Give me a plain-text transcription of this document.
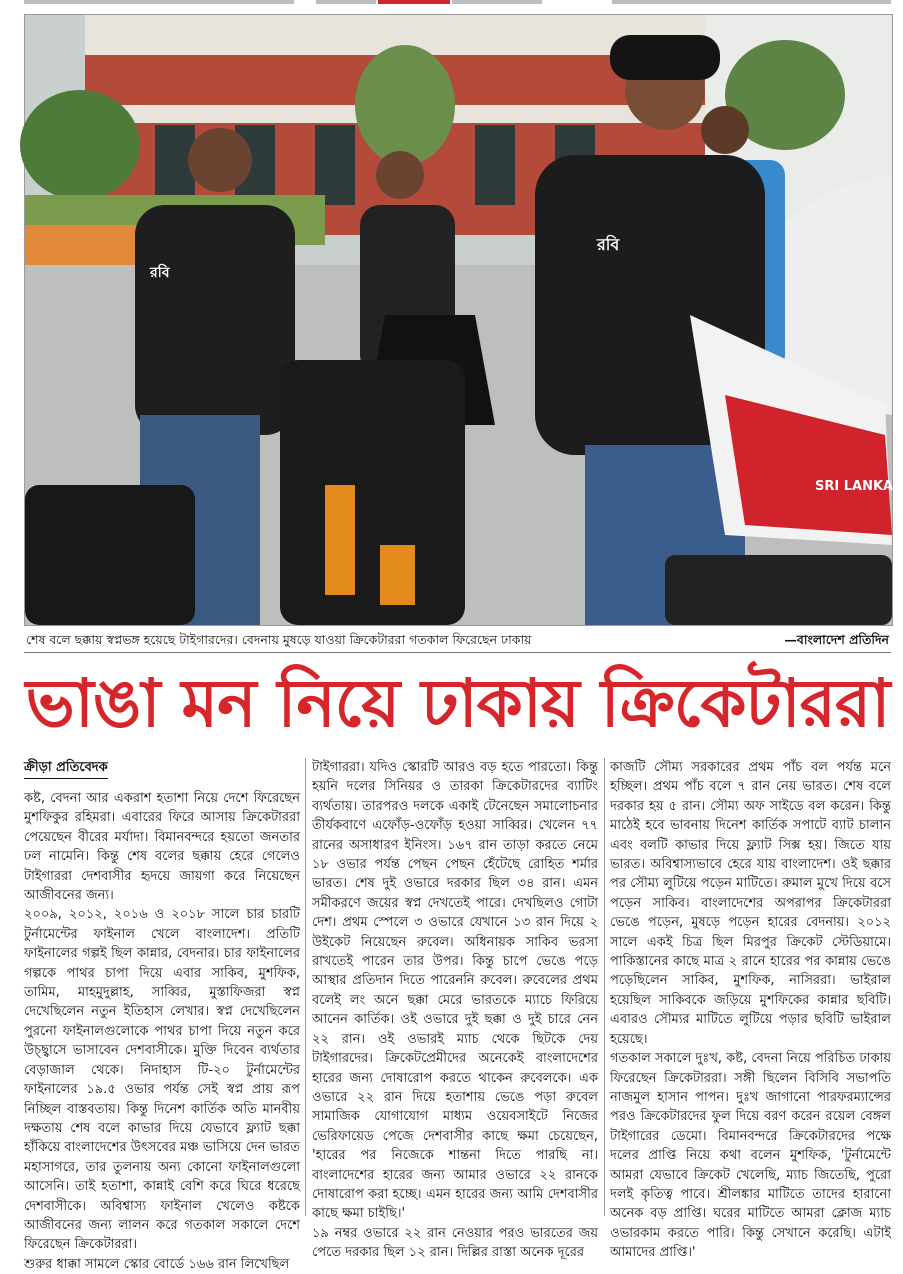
SRI LANKA
রবি
রবি
শেষ বলে ছক্কায় স্বপ্নভঙ্গ হয়েছে টাইগারদের। বেদনায় মুষড়ে যাওয়া ক্রিকেটাররা গতকাল ফিরেছেন ঢাকায়	—বাংলাদেশ প্রতিদিন
ভাঙা মন নিয়ে ঢাকায় ক্রিকেটাররা
ক্রীড়া প্রতিবেদক

কষ্ট, বেদনা আর একরাশ হতাশা নিয়ে দেশে ফিরেছেন মুশফিকুর রহিমরা। এবারের ফিরে আসায় ক্রিকেটাররা পেয়েছেন বীরের মর্যাদা। বিমানবন্দরে হয়তো জনতার ঢল নামেনি। কিন্তু শেষ বলের ছক্কায় হেরে গেলেও টাইগাররা দেশবাসীর হৃদয়ে জায়গা করে নিয়েছেন আজীবনের জন্য।

২০০৯, ২০১২, ২০১৬ ও ২০১৮ সালে চার চারটি টুর্নামেন্টের ফাইনাল খেলে বাংলাদেশ। প্রতিটি ফাইনালের গল্পই ছিল কান্নার, বেদনার। চার ফাইনালের গল্পকে পাথর চাপা দিয়ে এবার সাকিব, মুশফিক, তামিম, মাহমুদুল্লাহ, সাব্বির, মুস্তাফিজরা স্বপ্ন দেখেছিলেন নতুন ইতিহাস লেখার। স্বপ্ন দেখেছিলেন পুরনো ফাইনালগুলোকে পাথর চাপা দিয়ে নতুন করে উচ্ছ্বাসে ভাসাবেন দেশবাসীকে। মুক্তি দিবেন ব্যর্থতার বেড়াজাল থেকে। নিদাহাস টি-২০ টুর্নামেন্টের ফাইনালের ১৯.৫ ওভার পর্যন্ত সেই স্বপ্ন প্রায় রূপ নিচ্ছিল বাস্তবতায়। কিন্তু দিনেশ কার্তিক অতি মানবীয় দক্ষতায় শেষ বলে কাভার দিয়ে যেভাবে ফ্ল্যাট ছক্কা হাঁকিয়ে বাংলাদেশের উৎসবের মঞ্চ ভাসিয়ে দেন ভারত মহাসাগরে, তার তুলনায় অন্য কোনো ফাইনালগুলো আসেনি। তাই হতাশা, কান্নাই বেশি করে ঘিরে ধরেছে দেশবাসীকে। অবিশ্বাস্য ফাইনাল খেলেও কষ্টকে আজীবনের জন্য লালন করে গতকাল সকালে দেশে ফিরেছেন ক্রিকেটাররা।

শুরুর ধাক্কা সামলে স্কোর বোর্ডে ১৬৬ রান লিখেছিল

টাইগাররা। যদিও স্কোরটি আরও বড় হতে পারতো। কিন্তু হয়নি দলের সিনিয়র ও তারকা ক্রিকেটারদের ব্যাটিং ব্যর্থতায়। তারপরও দলকে একাই টেনেছেন সমালোচনার তীর্যকবাণে এফোঁড়-ওফোঁড় হওয়া সাব্বির। খেলেন ৭৭ রানের অসাধারণ ইনিংস। ১৬৭ রান তাড়া করতে নেমে ১৮ ওভার পর্যন্ত পেছন পেছন হেঁটেছে রোহিত শর্মার ভারত। শেষ দুই ওভারে দরকার ছিল ৩৪ রান। এমন সমীকরণে জয়ের স্বপ্ন দেখতেই পারে। দেখছিলও গোটা দেশ। প্রথম স্পেলে ৩ ওভারে যেখানে ১৩ রান দিয়ে ২ উইকেট নিয়েছেন রুবেল। অধিনায়ক সাকিব ভরসা রাখতেই পারেন তার উপর। কিন্তু চাপে ভেঙে পড়ে আস্থার প্রতিদান দিতে পারেননি রুবেল। রুবেলের প্রথম বলেই লং অনে ছক্কা মেরে ভারতকে ম্যাচে ফিরিয়ে আনেন কার্তিক। ওই ওভারে দুই ছক্কা ও দুই চারে নেন ২২ রান। ওই ওভারই ম্যাচ থেকে ছিটকে দেয় টাইগারদের। ক্রিকেটপ্রেমীদের অনেকেই বাংলাদেশের হারের জন্য দোষারোপ করতে থাকেন রুবেলকে। এক ওভারে ২২ রান দিয়ে হতাশায় ভেঙে পড়া রুবেল সামাজিক যোগাযোগ মাধ্যম ওয়েবসাইটে নিজের ভেরিফায়েড পেজে দেশবাসীর কাছে ক্ষমা চেয়েছেন, 'হারের পর নিজেকে শান্তনা দিতে পারছি না। বাংলাদেশের হারের জন্য আমার ওভারে ২২ রানকে দোষারোপ করা হচ্ছে। এমন হারের জন্য আমি দেশবাসীর কাছে ক্ষমা চাইছি।'

১৯ নম্বর ওভারে ২২ রান নেওয়ার পরও ভারতের জয় পেতে দরকার ছিল ১২ রান। দিল্লির রাস্তা অনেক দূরের

কাজটি সৌম্য সরকারের প্রথম পাঁচ বল পর্যন্ত মনে হচ্ছিল। প্রথম পাঁচ বলে ৭ রান নেয় ভারত। শেষ বলে দরকার হয় ৫ রান। সৌম্য অফ সাইডে বল করেন। কিন্তু মাঠেই হবে ভাবনায় দিনেশ কার্তিক সপাটে ব্যাট চালান এবং বলটি কাভার দিয়ে ফ্ল্যাট সিক্স হয়। জিতে যায় ভারত। অবিশ্বাস্যভাবে হেরে যায় বাংলাদেশ। ওই ছক্কার পর সৌম্য লুটিয়ে পড়েন মাটিতে। রুমাল মুখে দিয়ে বসে পড়েন সাকিব। বাংলাদেশের অপরাপর ক্রিকেটাররা ভেঙে পড়েন, মুষড়ে পড়েন হারের বেদনায়। ২০১২ সালে একই চিত্র ছিল মিরপুর ক্রিকেট স্টেডিয়ামে। পাকিস্তানের কাছে মাত্র ২ রানে হারের পর কান্নায় ভেঙে পড়েছিলেন সাকিব, মুশফিক, নাসিররা। ভাইরাল হয়েছিল সাকিবকে জড়িয়ে মুশফিকের কান্নার ছবিটি। এবারও সৌম্যর মাটিতে লুটিয়ে পড়ার ছবিটি ভাইরাল হয়েছে।

গতকাল সকালে দুঃখ, কষ্ট, বেদনা নিয়ে পরিচিত ঢাকায় ফিরেছেন ক্রিকেটাররা। সঙ্গী ছিলেন বিসিবি সভাপতি নাজমুল হাসান পাপন। দুঃখ জাগানো পারফরম্যান্সের পরও ক্রিকেটারদের ফুল দিয়ে বরণ করেন রয়েল বেঙ্গল টাইগারের ডেমো। বিমানবন্দরে ক্রিকেটারদের পক্ষে দলের প্রাপ্তি নিয়ে কথা বলেন মুশফিক, 'টুর্নামেন্টে আমরা যেভাবে ক্রিকেট খেলেছি, ম্যাচ জিতেছি, পুরো দলই কৃতিত্ব পাবে। শ্রীলঙ্কার মাটিতে তাদের হারানো অনেক বড় প্রাপ্তি। ঘরের মাটিতে আমরা ক্লোজ ম্যাচ ওভারকাম করতে পারি। কিন্তু সেখানে করেছি। এটাই আমাদের প্রাপ্তি।'
